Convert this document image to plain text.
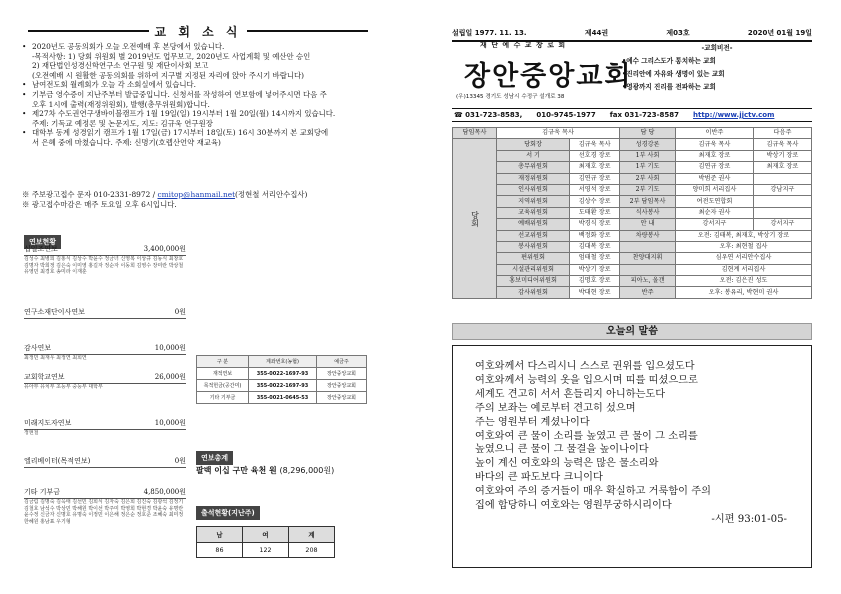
교 회 소 식
• 2020년도 공동의회가 오늘 오전예배 후 본당에서 있습니다.
-목적사항: 1) 당회 위원회 별 2019년도 업무보고, 2020년도 사업계획 및 예산안 승인
2) 재단법인성경신학연구소 연구원 및 재단이사회 보고
(오전예배 시 원활한 공동의회를 위하여 지구별 지정된 자리에 앉아 주시기 바랍니다)
• 남여전도회 월례회가 오늘 각 소회실에서 있습니다.
• 기부금 영수증이 지난주부터 발급중입니다. 신청서를 작성하여 연보함에 넣어주시면 다음 주
오후 1시에 출력(재정위원회), 발행(총무위원회)합니다.
• 제27차 수도권연구생바이블캠프가 1월 19일(일) 19시부터 1월 20일(월) 14시까지 있습니다.
주제: 기독교 예정론 및 논문지도, 지도: 김규욱 연구원장
• 대학부 동계 성경읽기 캠프가 1월 17일(금) 17시부터 18일(토) 16시 30분까지 본 교회당에
서 은혜 중에 마쳤습니다. 주제: 신명기(호렙산언약 재교육)
※ 주보광고접수 문자 010-2331-8972 / cmitop@hanmail.net(정현철 서리안수집사)
※ 광고접수마감은 매주 토요일 오후 6시입니다.
연보현황
십일조연보	3,400,000원
김성수 최병희 김홍식 김상수 박윤수 정금녀 신영복 이상규 김동식 최창호 김명자 박희정 김은숙 이미영 홍길자 정순자 이동희 김영수 장미란 박상철 유영민 최경호 송미라 이재훈
연구소재단이사연보	0원
감사연보	10,000원
최정민 최재우 최정연 최희연
교회학교연보	26,000원
유아부 유치부 초등부 중등부 대학부
미래지도자연보	10,000원
정현철
엘리베이터(목적연보)	0원
기타 기부금	4,850,000원
김금림 김명숙 김옥태 김선민 김희식 김자숙 김은희 김진숙 김광석 김정기 김철호 남석수 박상민 박해원 박이선 박주미 박영희 박현경 박윤숙 유명란 윤수정 신금자 신명호 유명숙 이정민 이은해 정은순 정호준 조혜숙 최미정 한혜원 홍남표 우기형
구 분	계좌번호(농협)	예금주
재적연보	355-0022-1697-93	장안중앙교회
목적헌금(공간미)	355-0022-1697-93	장안중앙교회
기타 기부금	355-0021-0645-53	장안중앙교회
연보총계
팔백 이십 구만 육천 원 (8,296,000원)
출석현황(지난주)
남	여	계
86	122	208
설립일 1977. 11. 13.	제44권	제03호	2020년 01월 19일
재 단 예 수 교 장 로 회
장안중앙교회
(우)13345 경기도 성남시 수정구 설개로 38
-교회비전-
•예수 그리스도가 통치하는 교회
•진리안에 자유와 생명이 있는 교회
•영광까지 진리를 전파하는 교회
☎ 031-723-8583, 010-9745-1977 fax 031-723-8587 http://www.jjctv.com
담임목사	김규욱 목사		담 당	이반주	다음주
당회	당회장	김규욱 목사	성경강론	김규욱 목사	김규욱 목사
	서 기	선호경 장로	1부 사회	최재호 장로	박상기 장로
	총무위원회	최재호 장로	1부 기도	김연규 장로	최재호 장로
	재정위원회	김연규 장로	2부 사회	박범준 권사	
	인사위원회	서영석 장로	2부 기도	양미희 서리집사	강남지구
	지역위원회	김상수 장로	2부 담임목사	여전도연합회	
	교육위원회	도태환 장로	식사봉사	최순자 권사	
	예배위원회	박경식 장로	안 내	강서지구	강서지구
	선교위원회	백정화 장로	차량봉사	오전: 김태복, 최재호, 박상기 장로	
	봉사위원회	김대복 장로		오후: 최현철 집사	
	편위원회	엄태철 장로	찬양대지휘	심우연 서리안수집사	
	시설관리위원회	박상기 장로		김현계 서리집사	
	홍보미디어위원회	김명호 장로	피아노, 올갠	오전: 김은진 성도	
	감사위원회	박대현 장로	반주	오후: 봉유리, 박현미 권사	
오늘의 말씀
여호와께서 다스리시니 스스로 권위를 입으셨도다
여호와께서 능력의 옷을 입으시며 띠를 띠셨으므로
세계도 견고히 서서 흔들리지 아니하는도다
주의 보좌는 예로부터 견고히 섰으며
주는 영원부터 계셨나이다
여호와여 큰 물이 소리를 높였고 큰 물이 그 소리를
높였으니 큰 물이 그 물결을 높이나이다
높이 계신 여호와의 능력은 많은 물소리와
바다의 큰 파도보다 크니이다
여호와여 주의 증거들이 매우 확실하고 거룩함이 주의
집에 합당하니 여호와는 영원무궁하시리이다
-시편 93:01-05-
